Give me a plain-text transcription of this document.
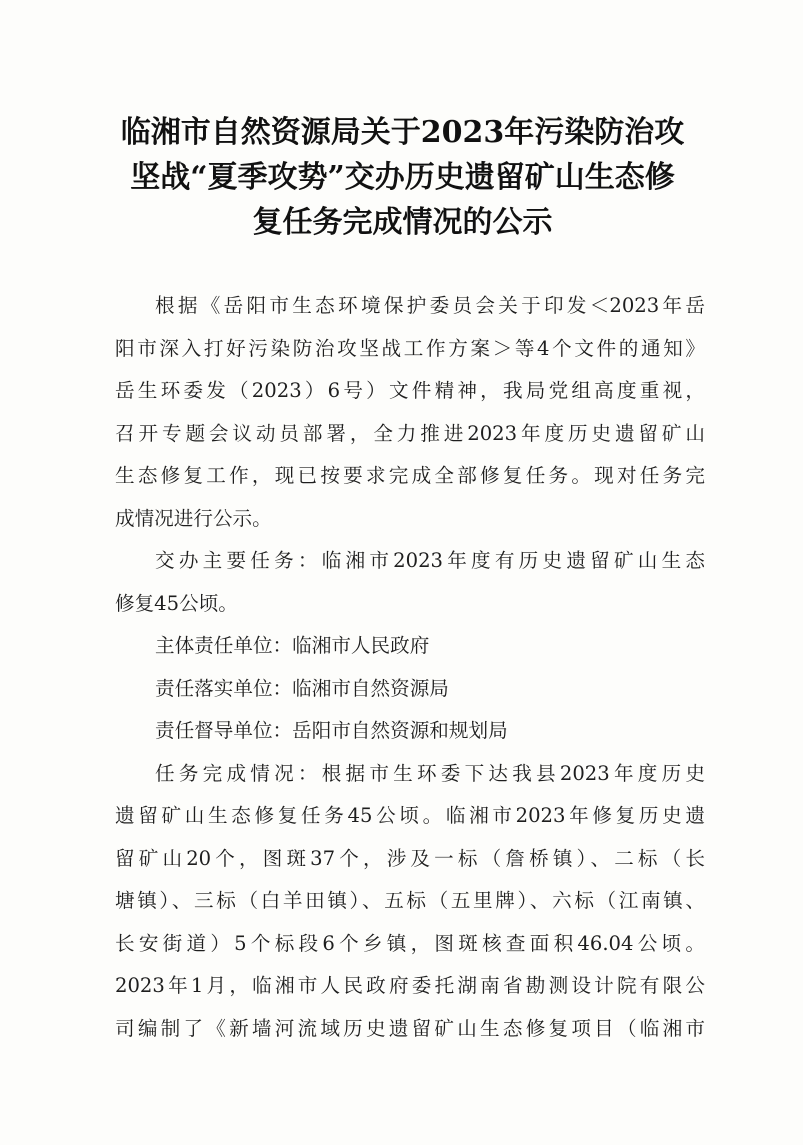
临湘市自然资源局关于2023年污染防治攻
坚战“夏季攻势”交办历史遗留矿山生态修
复任务完成情况的公示
根据《岳阳市生态环境保护委员会关于印发＜2023年岳
阳市深入打好污染防治攻坚战工作方案＞等4个文件的通知》
岳生环委发（2023）6号）文件精神，我局党组高度重视，
召开专题会议动员部署，全力推进2023年度历史遗留矿山
生态修复工作，现已按要求完成全部修复任务。现对任务完
成情况进行公示。
交办主要任务：临湘市2023年度有历史遗留矿山生态
修复45公顷。
主体责任单位：临湘市人民政府
责任落实单位：临湘市自然资源局
责任督导单位：岳阳市自然资源和规划局
任务完成情况：根据市生环委下达我县2023年度历史
遗留矿山生态修复任务45公顷。临湘市2023年修复历史遗
留矿山20个，图斑37个，涉及一标（詹桥镇）、二标（长
塘镇）、三标（白羊田镇）、五标（五里牌）、六标（江南镇、
长安街道）5个标段6个乡镇，图斑核查面积46.04公顷。
2023年1月，临湘市人民政府委托湖南省勘测设计院有限公
司编制了《新墙河流域历史遗留矿山生态修复项目（临湘市
